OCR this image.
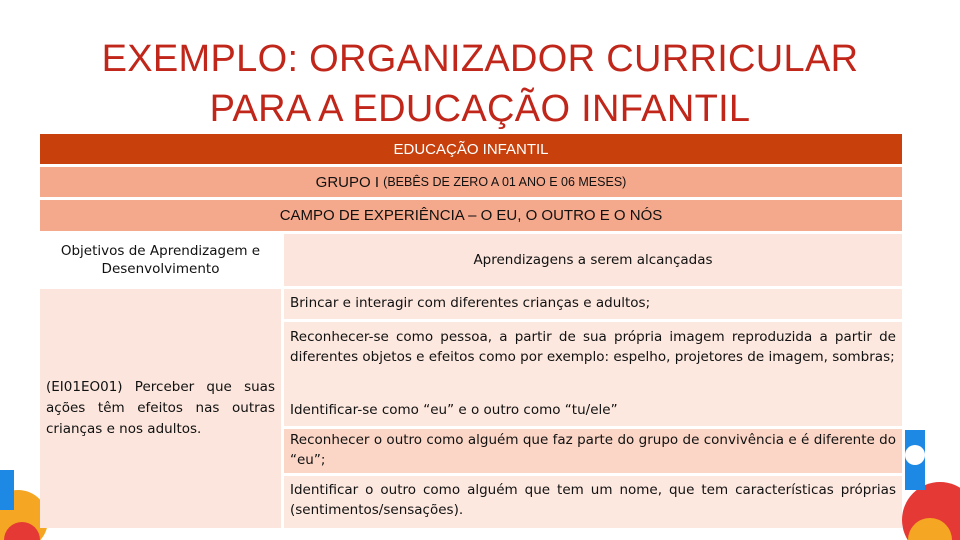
EXEMPLO: ORGANIZADOR CURRICULAR
PARA A EDUCAÇÃO INFANTIL
EDUCAÇÃO INFANTIL
GRUPO I
(BEBÊS DE ZERO A 01 ANO E 06 MESES)
CAMPO DE EXPERIÊNCIA – O EU, O OUTRO E O NÓS
Objetivos de Aprendizagem e Desenvolvimento
Aprendizagens a serem alcançadas
(EI01EO01) Perceber que suas ações têm efeitos nas outras crianças e nos adultos.
Brincar e interagir com diferentes crianças e adultos;
Reconhecer-se como pessoa, a partir de sua própria imagem reproduzida a partir de diferentes objetos e efeitos como por exemplo: espelho, projetores de imagem, sombras;
Identificar-se como “eu” e o outro como “tu/ele”
Reconhecer o outro como alguém que faz parte do grupo de convivência e é diferente do “eu”;
Identificar o outro como alguém que tem um nome, que tem características próprias (sentimentos/sensações).
